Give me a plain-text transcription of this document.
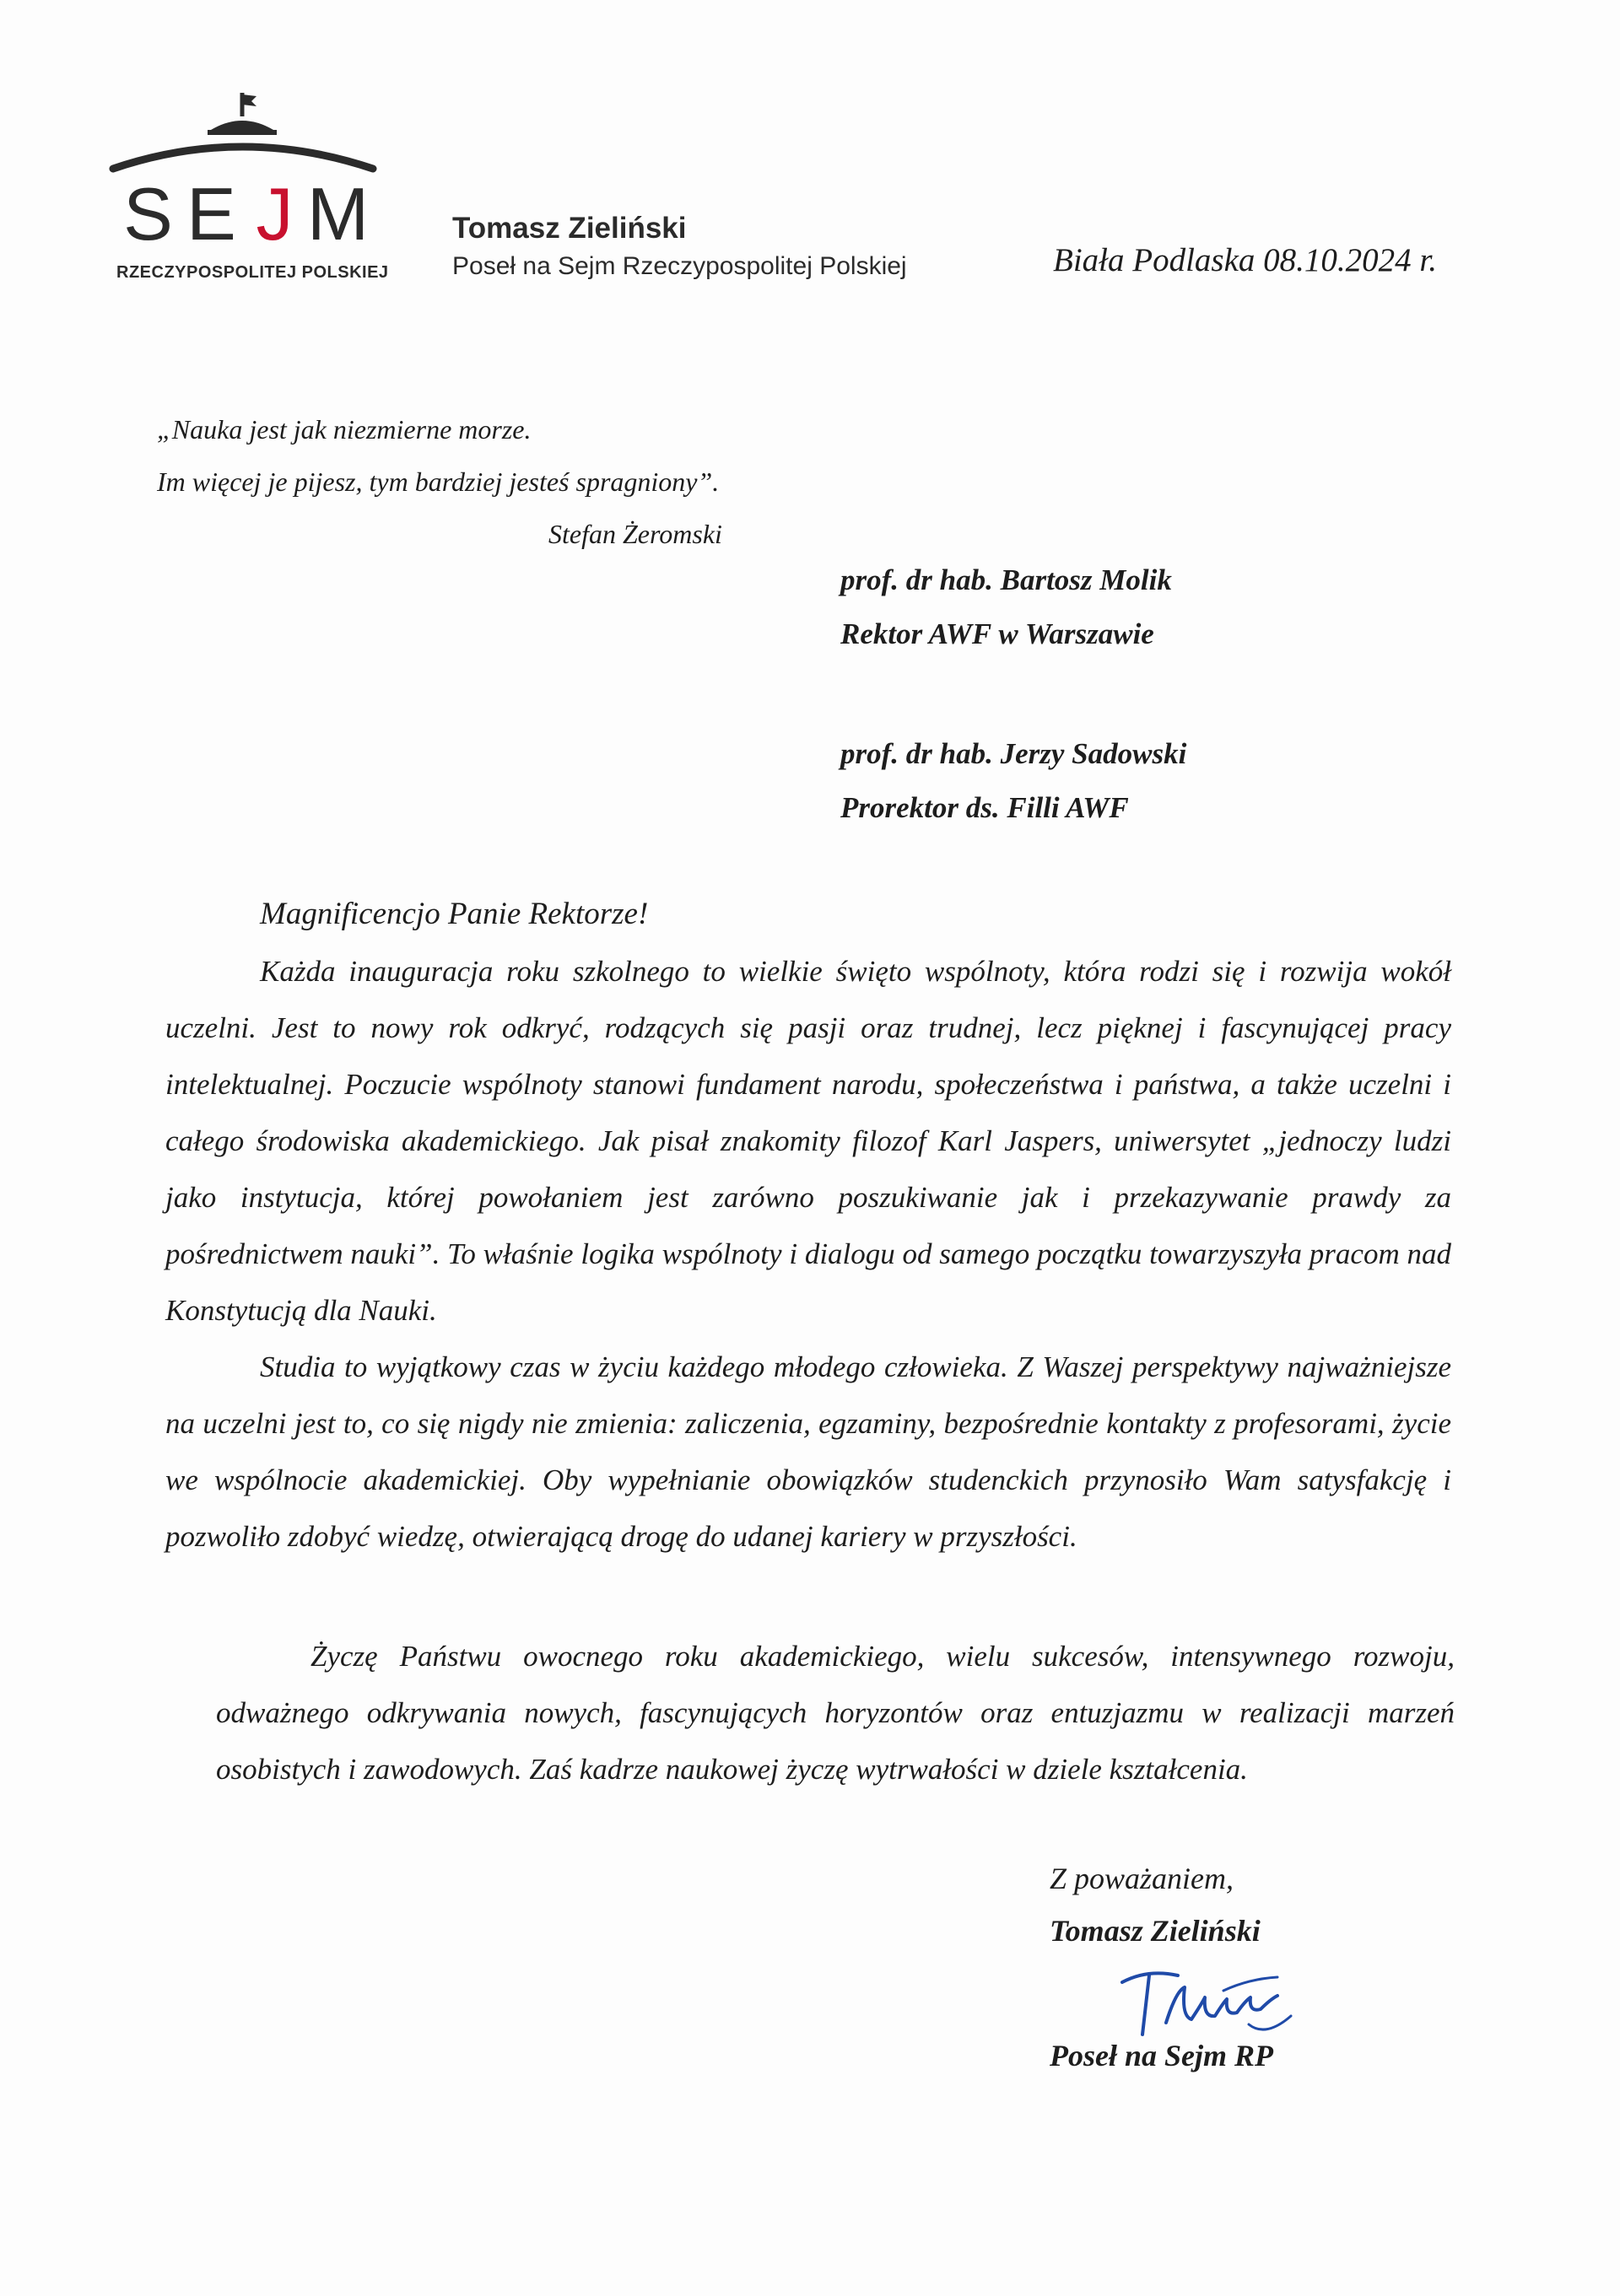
S E J M
RZECZYPOSPOLITEJ POLSKIEJ
Tomasz Zieliński
Poseł na Sejm Rzeczypospolitej Polskiej	Biała Podlaska 08.10.2024 r.
„Nauka jest jak niezmierne morze.
Im więcej je pijesz, tym bardziej jesteś spragniony”.
Stefan Żeromski
prof. dr hab. Bartosz Molik
Rektor AWF w Warszawie
prof. dr hab. Jerzy Sadowski
Prorektor ds. Filli AWF
Magnificencjo Panie Rektorze!

Każda inauguracja roku szkolnego to wielkie święto wspólnoty, która rodzi się i rozwija wokół uczelni. Jest to nowy rok odkryć, rodzących się pasji oraz trudnej, lecz pięknej i fascynującej pracy intelektualnej. Poczucie wspólnoty stanowi fundament narodu, społeczeństwa i państwa, a także uczelni i całego środowiska akademickiego. Jak pisał znakomity filozof Karl Jaspers, uniwersytet „jednoczy ludzi jako instytucja, której powołaniem jest zarówno poszukiwanie jak i przekazywanie prawdy za pośrednictwem nauki”. To właśnie logika wspólnoty i dialogu od samego początku towarzyszyła pracom nad Konstytucją dla Nauki.

Studia to wyjątkowy czas w życiu każdego młodego człowieka. Z Waszej perspektywy najważniejsze na uczelni jest to, co się nigdy nie zmienia: zaliczenia, egzaminy, bezpośrednie kontakty z profesorami, życie we wspólnocie akademickiej. Oby wypełnianie obowiązków studenckich przynosiło Wam satysfakcję i pozwoliło zdobyć wiedzę, otwierającą drogę do udanej kariery w przyszłości.

Życzę Państwu owocnego roku akademickiego, wielu sukcesów, intensywnego rozwoju, odważnego odkrywania nowych, fascynujących horyzontów oraz entuzjazmu w realizacji marzeń osobistych i zawodowych. Zaś kadrze naukowej życzę wytrwałości w dziele kształcenia.

Z poważaniem,
Tomasz Zieliński
Poseł na Sejm RP
